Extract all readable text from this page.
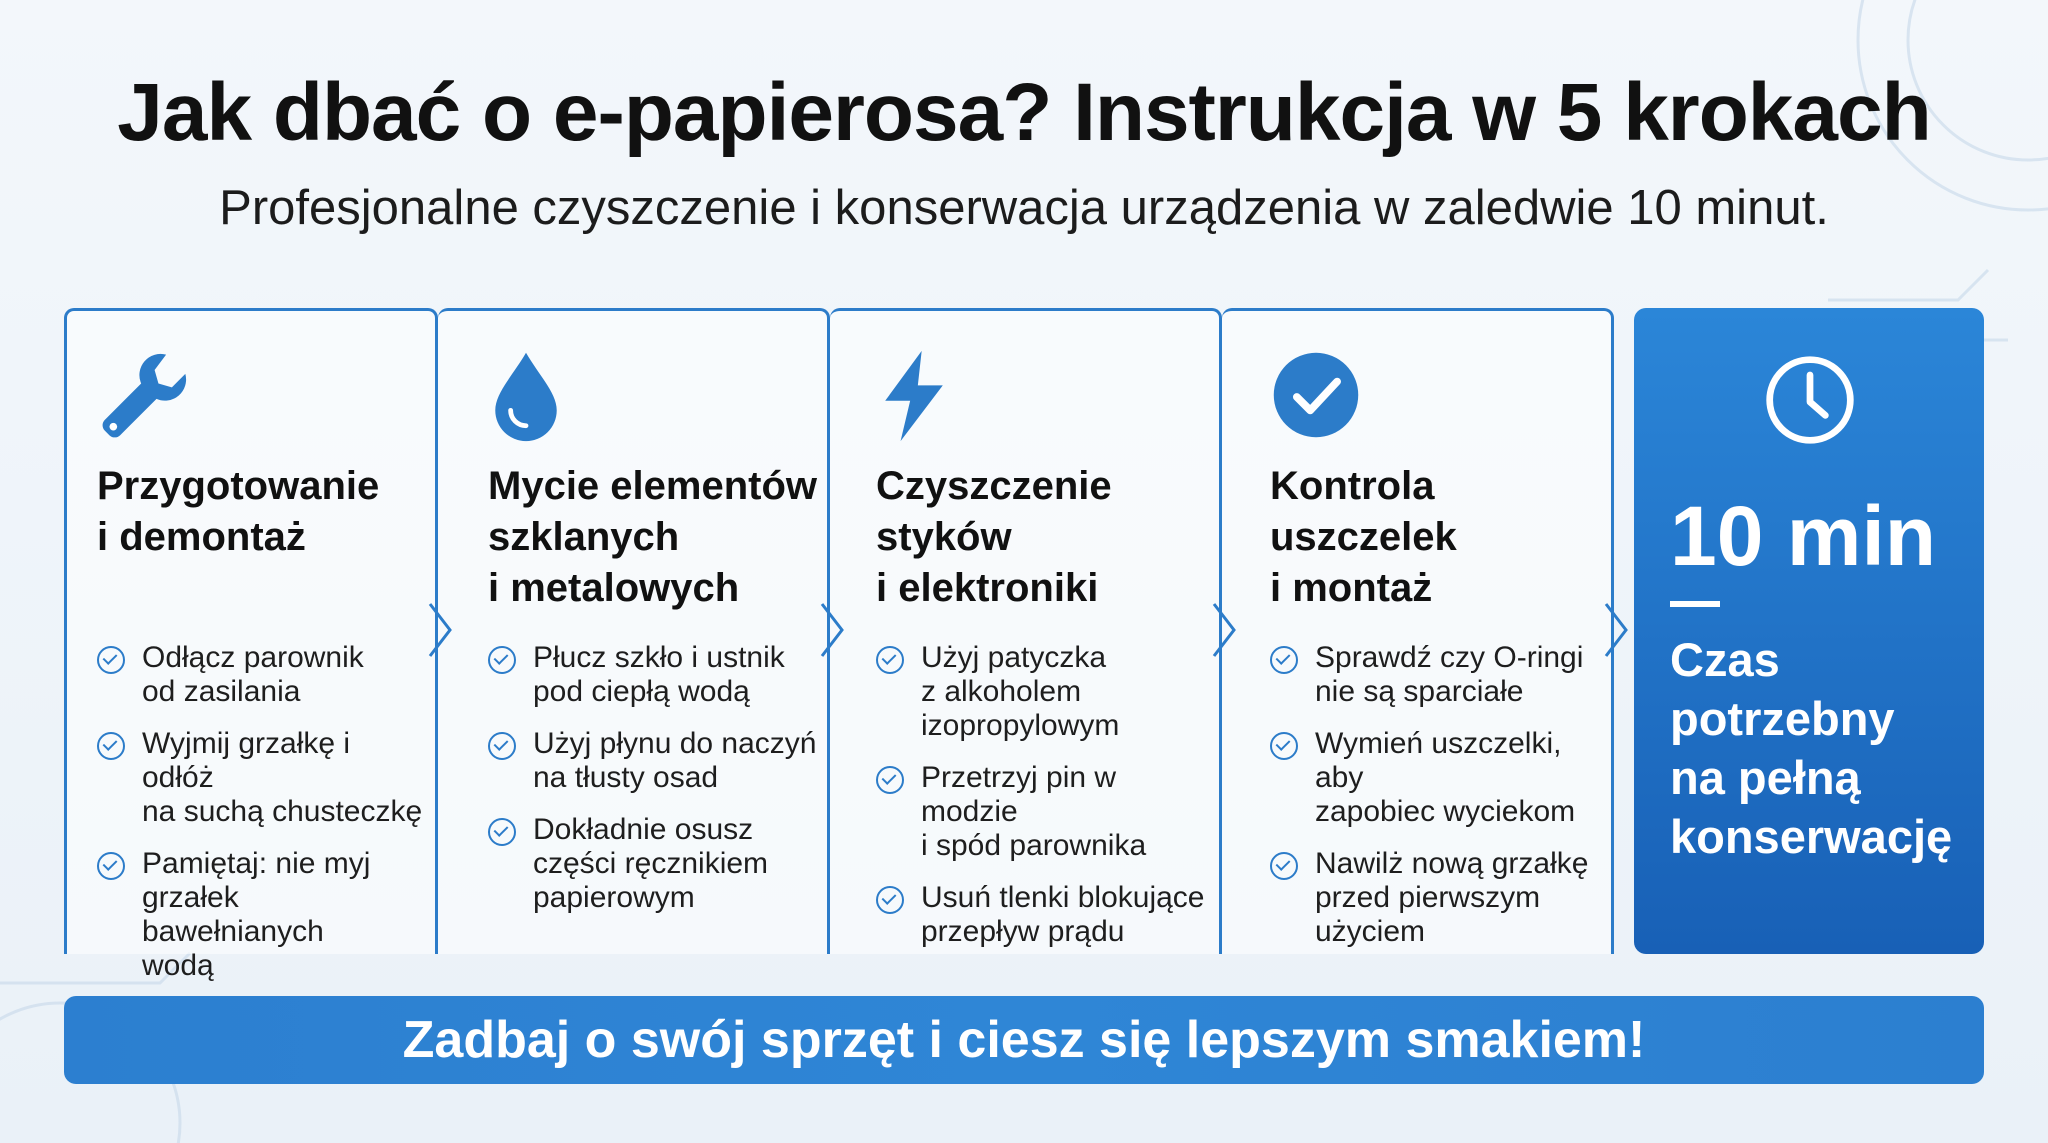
Jak dbać o e-papierosa? Instrukcja w 5 krokach
Profesjonalne czyszczenie i konserwacja urządzenia w zaledwie 10 minut.
Przygotowanie
i demontaż
Odłącz parownik
od zasilania
Wyjmij grzałkę i odłóż
na suchą chusteczkę
Pamiętaj: nie myj
grzałek bawełnianych
wodą
Mycie elementów
szklanych
i metalowych
Płucz szkło i ustnik
pod ciepłą wodą
Użyj płynu do naczyń
na tłusty osad
Dokładnie osusz
części ręcznikiem
papierowym
Czyszczenie
styków
i elektroniki
Użyj patyczka
z alkoholem
izopropylowym
Przetrzyj pin w modzie
i spód parownika
Usuń tlenki blokujące
przepływ prądu
Kontrola
uszczelek
i montaż
Sprawdź czy O-ringi
nie są sparciałe
Wymień uszczelki, aby
zapobiec wyciekom
Nawilż nową grzałkę
przed pierwszym
użyciem
10 min
Czas
potrzebny
na pełną
konserwację
Zadbaj o swój sprzęt i ciesz się lepszym smakiem!
